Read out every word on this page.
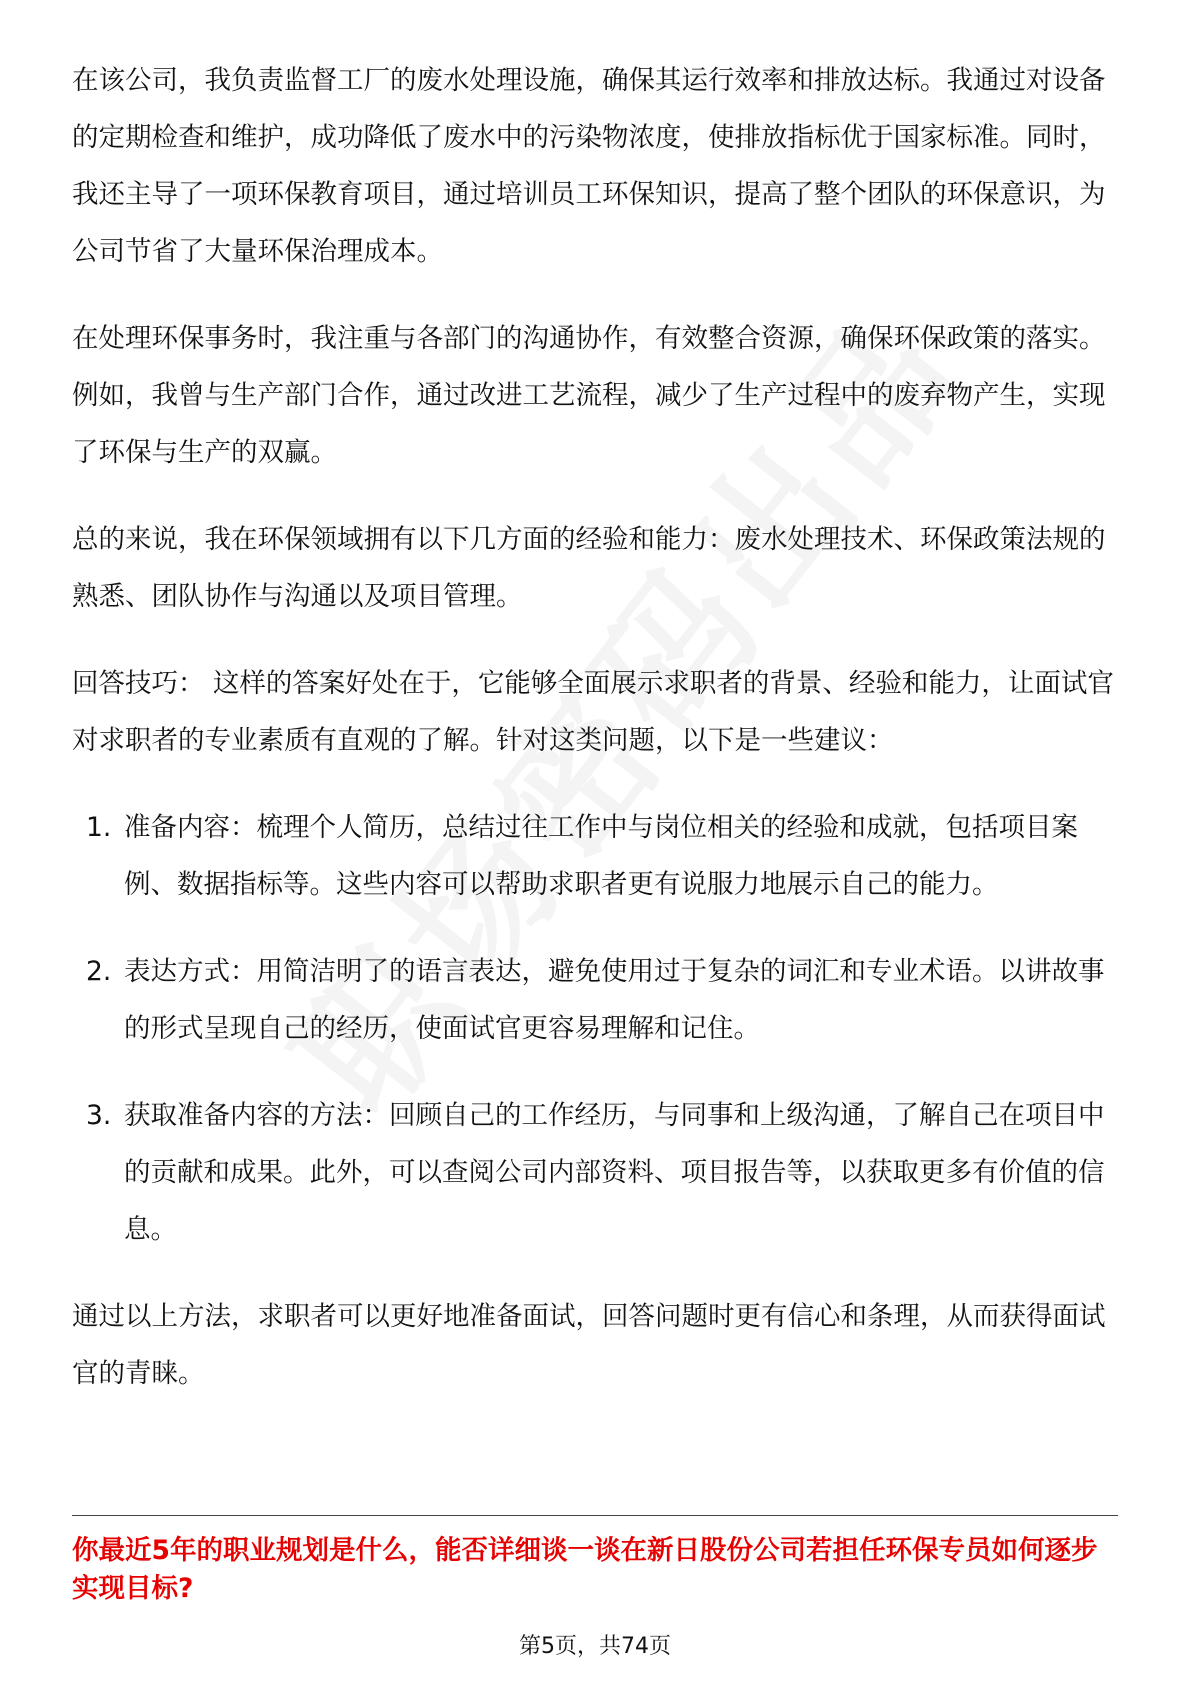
在该公司，我负责监督工厂的废水处理设施，确保其运行效率和排放达标。我通过对设备的定期检查和维护，成功降低了废水中的污染物浓度，使排放指标优于国家标准。同时，我还主导了一项环保教育项目，通过培训员工环保知识，提高了整个团队的环保意识，为公司节省了大量环保治理成本。

在处理环保事务时，我注重与各部门的沟通协作，有效整合资源，确保环保政策的落实。例如，我曾与生产部门合作，通过改进工艺流程，减少了生产过程中的废弃物产生，实现了环保与生产的双赢。

总的来说，我在环保领域拥有以下几方面的经验和能力：废水处理技术、环保政策法规的熟悉、团队协作与沟通以及项目管理。

回答技巧： 这样的答案好处在于，它能够全面展示求职者的背景、经验和能力，让面试官对求职者的专业素质有直观的了解。针对这类问题，以下是一些建议：

1. 准备内容：梳理个人简历，总结过往工作中与岗位相关的经验和成就，包括项目案例、数据指标等。这些内容可以帮助求职者更有说服力地展示自己的能力。
2. 表达方式：用简洁明了的语言表达，避免使用过于复杂的词汇和专业术语。以讲故事的形式呈现自己的经历，使面试官更容易理解和记住。
3. 获取准备内容的方法：回顾自己的工作经历，与同事和上级沟通，了解自己在项目中的贡献和成果。此外，可以查阅公司内部资料、项目报告等，以获取更多有价值的信息。

通过以上方法，求职者可以更好地准备面试，回答问题时更有信心和条理，从而获得面试官的青睐。

你最近5年的职业规划是什么，能否详细谈一谈在新日股份公司若担任环保专员如何逐步实现目标?
第5页，共74页
